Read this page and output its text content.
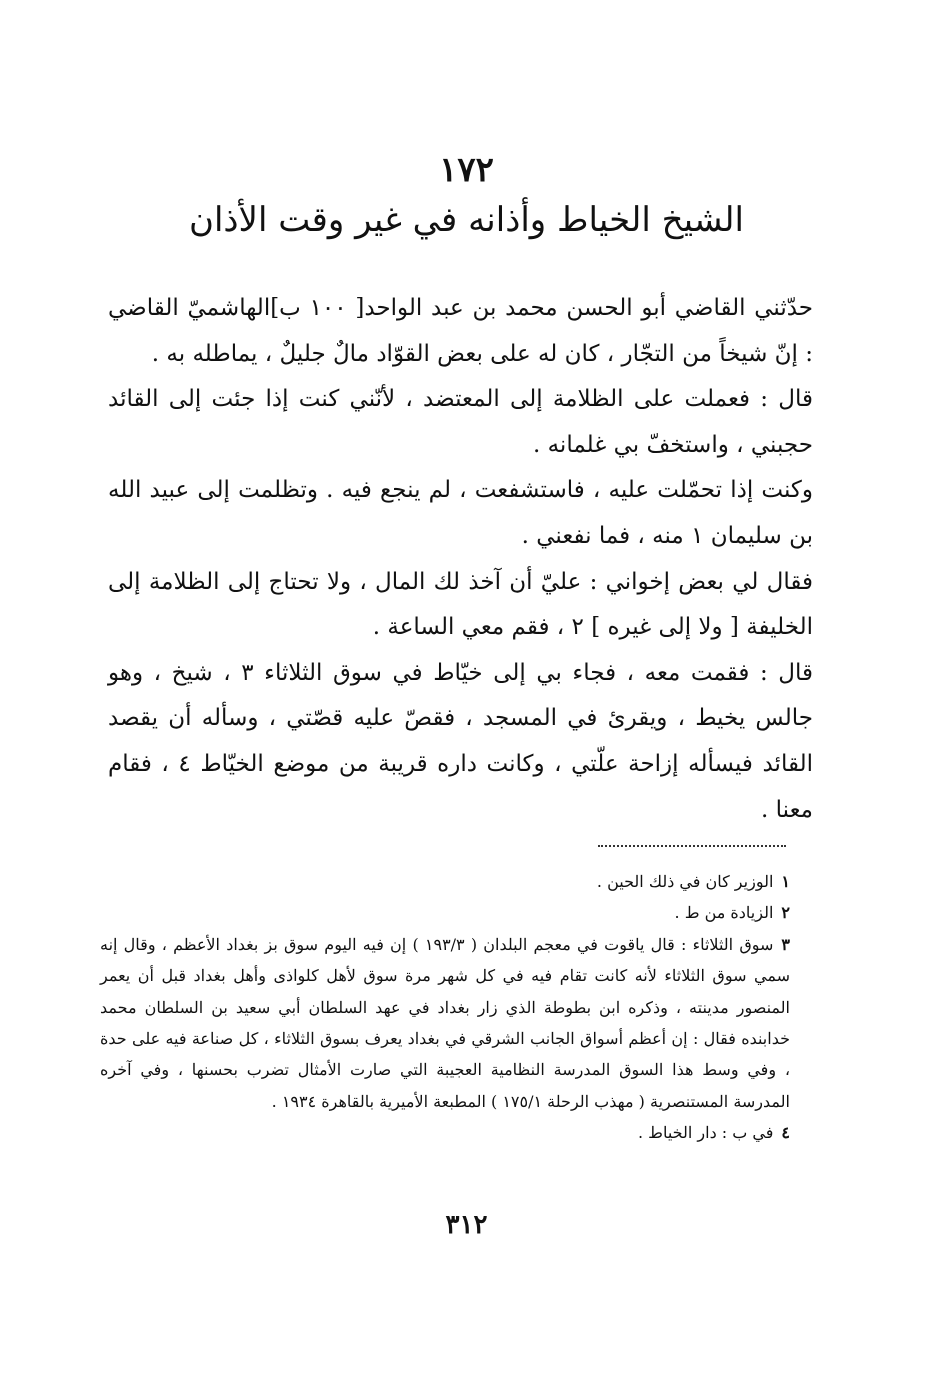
١٧٢
الشيخ الخياط وأذانه في غير وقت الأذان

حدّثني القاضي أبو الحسن محمد بن عبد الواحد[ ١٠٠ ب]الهاشميّ القاضي : إنّ شيخاً من التجّار ، كان له على بعض القوّاد مالٌ جليلٌ ، يماطله به .

قال : فعملت على الظلامة إلى المعتضد ، لأنّني كنت إذا جئت إلى القائد حجبني ، واستخفّ بي غلمانه .

وكنت إذا تحمّلت عليه ، فاستشفعت ، لم ينجع فيه . وتظلمت إلى عبيد الله بن سليمان ١ منه ، فما نفعني .

فقال لي بعض إخواني : عليّ أن آخذ لك المال ، ولا تحتاج إلى الظلامة إلى الخليفة [ ولا إلى غيره ] ٢ ، فقم معي الساعة .

قال : فقمت معه ، فجاء بي إلى خيّاط في سوق الثلاثاء ٣ ، شيخ ، وهو جالس يخيط ، ويقرئ في المسجد ، فقصّ عليه قصّتي ، وسأله أن يقصد القائد فيسأله إزاحة علّتي ، وكانت داره قريبة من موضع الخيّاط ٤ ، فقام معنا .

١الوزير كان في ذلك الحين .

٢الزيادة من ط .

٣سوق الثلاثاء : قال ياقوت في معجم البلدان ( ١٩٣/٣ ) إن فيه اليوم سوق بز بغداد الأعظم ، وقال إنه سمي سوق الثلاثاء لأنه كانت تقام فيه في كل شهر مرة سوق لأهل كلواذى وأهل بغداد قبل أن يعمر المنصور مدينته ، وذكره ابن بطوطة الذي زار بغداد في عهد السلطان أبي سعيد بن السلطان محمد خدابنده فقال : إن أعظم أسواق الجانب الشرقي في بغداد يعرف بسوق الثلاثاء ، كل صناعة فيه على حدة ، وفي وسط هذا السوق المدرسة النظامية العجيبة التي صارت الأمثال تضرب بحسنها ، وفي آخره المدرسة المستنصرية ( مهذب الرحلة ١٧٥/١ ) المطبعة الأميرية بالقاهرة ١٩٣٤ .

٤في ب : دار الخياط .

٣١٢
